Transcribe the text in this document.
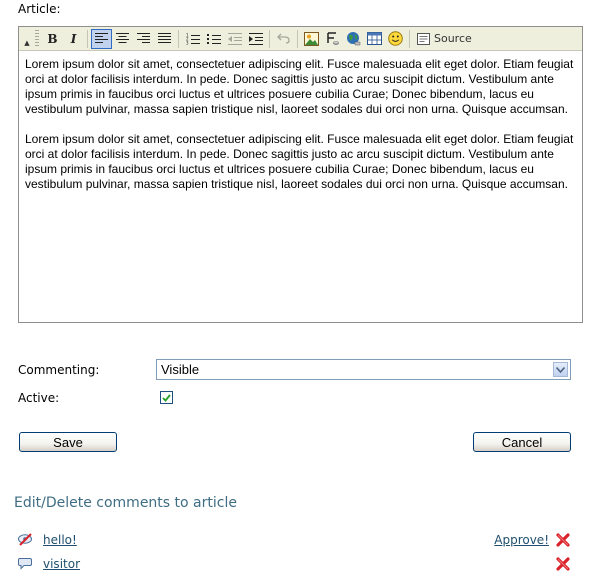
Article:
▲ B I	1
2
3	Source

Lorem ipsum dolor sit amet, consectetuer adipiscing elit. Fusce malesuada elit eget dolor. Etiam feugiat orci at dolor facilisis interdum. In pede. Donec sagittis justo ac arcu suscipit dictum. Vestibulum ante ipsum primis in faucibus orci luctus et ultrices posuere cubilia Curae; Donec bibendum, lacus eu vestibulum pulvinar, massa sapien tristique nisl, laoreet sodales dui orci non urna. Quisque accumsan.

Lorem ipsum dolor sit amet, consectetuer adipiscing elit. Fusce malesuada elit eget dolor. Etiam feugiat orci at dolor facilisis interdum. In pede. Donec sagittis justo ac arcu suscipit dictum. Vestibulum ante ipsum primis in faucibus orci luctus et ultrices posuere cubilia Curae; Donec bibendum, lacus eu vestibulum pulvinar, massa sapien tristique nisl, laoreet sodales dui orci non urna. Quisque accumsan.

Commenting:	Visible
Active:
Save	Cancel
Edit/Delete comments to article
hello!	Approve!
visitor
